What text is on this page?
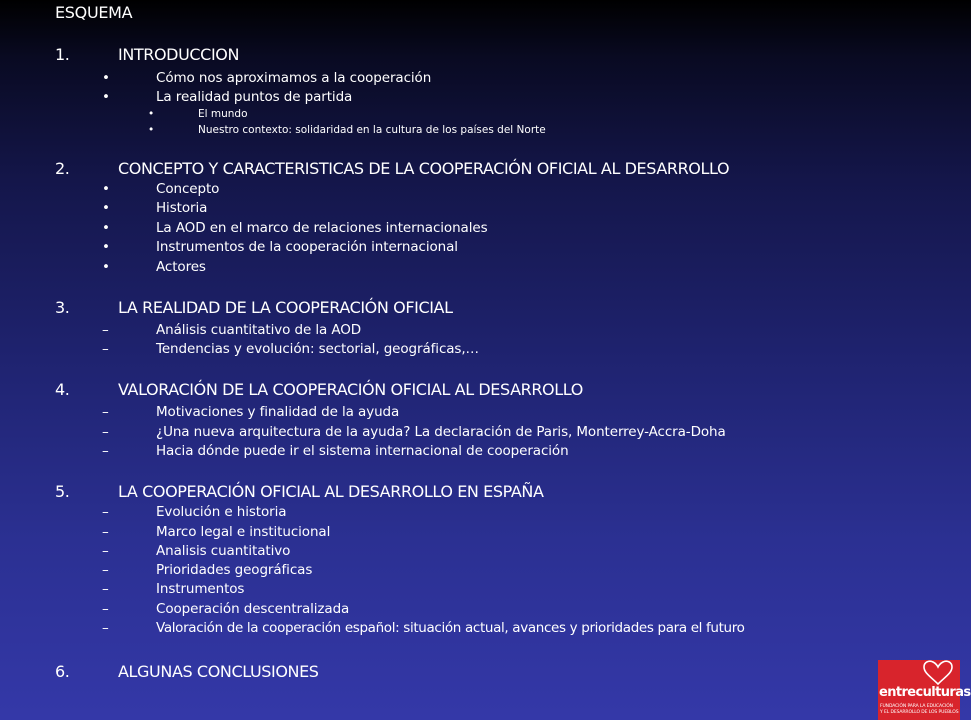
ESQUEMA
1.	INTRODUCCION
•	Cómo nos aproximamos a la cooperación
•	La realidad puntos de partida
•	El mundo
•	Nuestro contexto: solidaridad en la cultura de los países del Norte
2.	CONCEPTO Y CARACTERISTICAS DE LA COOPERACIÓN OFICIAL AL DESARROLLO
•	Concepto
•	Historia
•	La AOD en el marco de relaciones internacionales
•	Instrumentos de la cooperación internacional
•	Actores
3.	LA REALIDAD DE LA COOPERACIÓN OFICIAL
–	Análisis cuantitativo de la AOD
–	Tendencias y evolución: sectorial, geográficas,…
4.	VALORACIÓN DE LA COOPERACIÓN OFICIAL AL DESARROLLO
–	Motivaciones y finalidad de la ayuda
–	¿Una nueva arquitectura de la ayuda? La declaración de Paris, Monterrey-Accra-Doha
–	Hacia dónde puede ir el sistema internacional de cooperación
5.	LA COOPERACIÓN OFICIAL AL DESARROLLO EN ESPAÑA
–	Evolución e historia
–	Marco legal e institucional
–	Analisis cuantitativo
–	Prioridades geográficas
–	Instrumentos
–	Cooperación descentralizada
–	Valoración de la cooperación español: situación actual, avances y prioridades para el futuro
6.	ALGUNAS CONCLUSIONES
entreculturas
FUNDACIÓN PARA LA EDUCACIÓN
Y EL DESARROLLO DE LOS PUEBLOS
